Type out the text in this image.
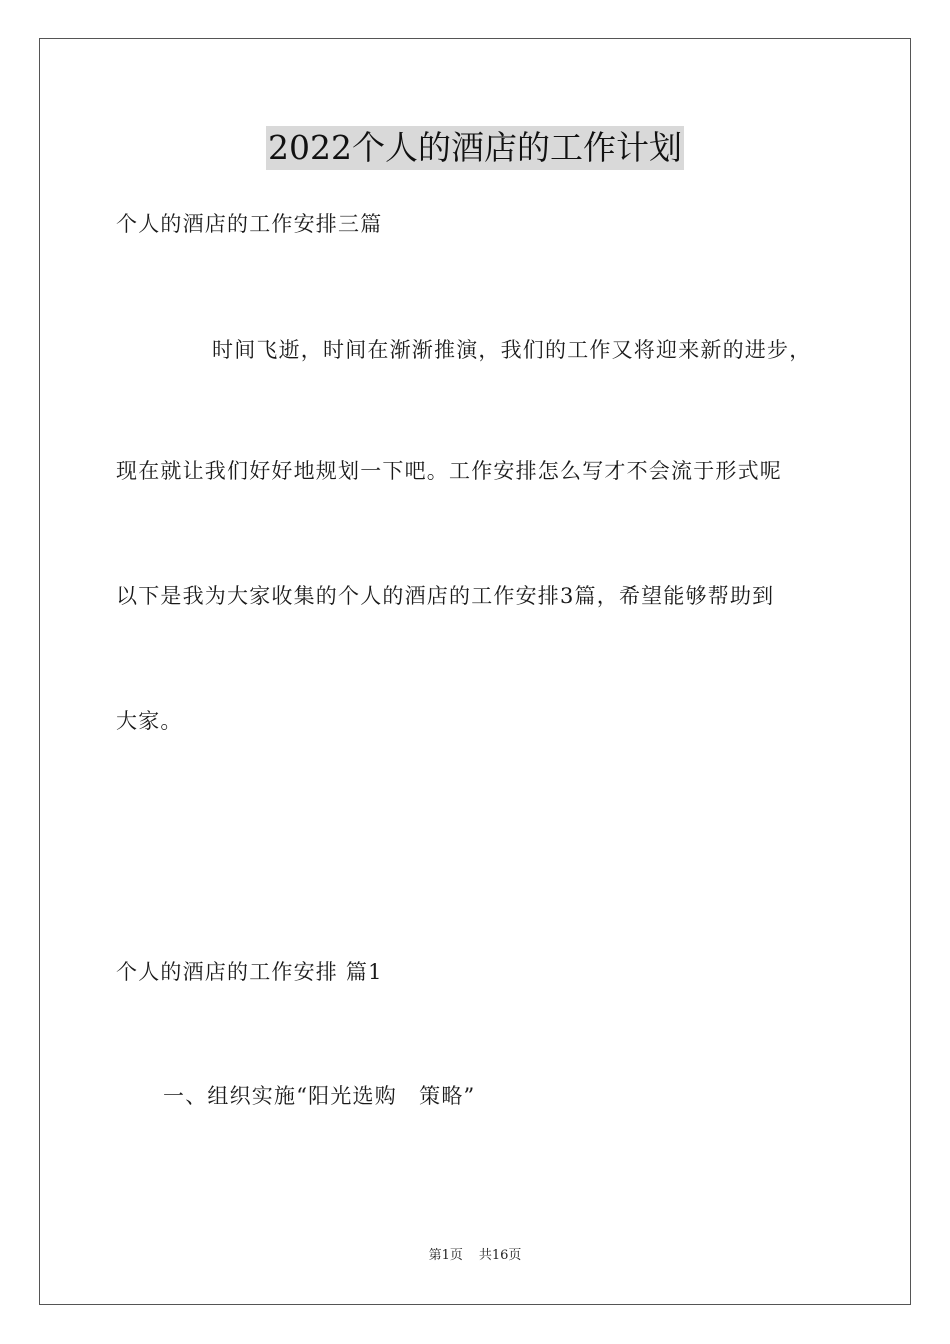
2022个人的酒店的工作计划
个人的酒店的工作安排三篇
时间飞逝，时间在渐渐推演，我们的工作又将迎来新的进步，
现在就让我们好好地规划一下吧。工作安排怎么写才不会流于形式呢
以下是我为大家收集的个人的酒店的工作安排3篇，希望能够帮助到
大家。
个人的酒店的工作安排 篇1
一、组织实施“阳光选购　策略”
第1页 共16页
